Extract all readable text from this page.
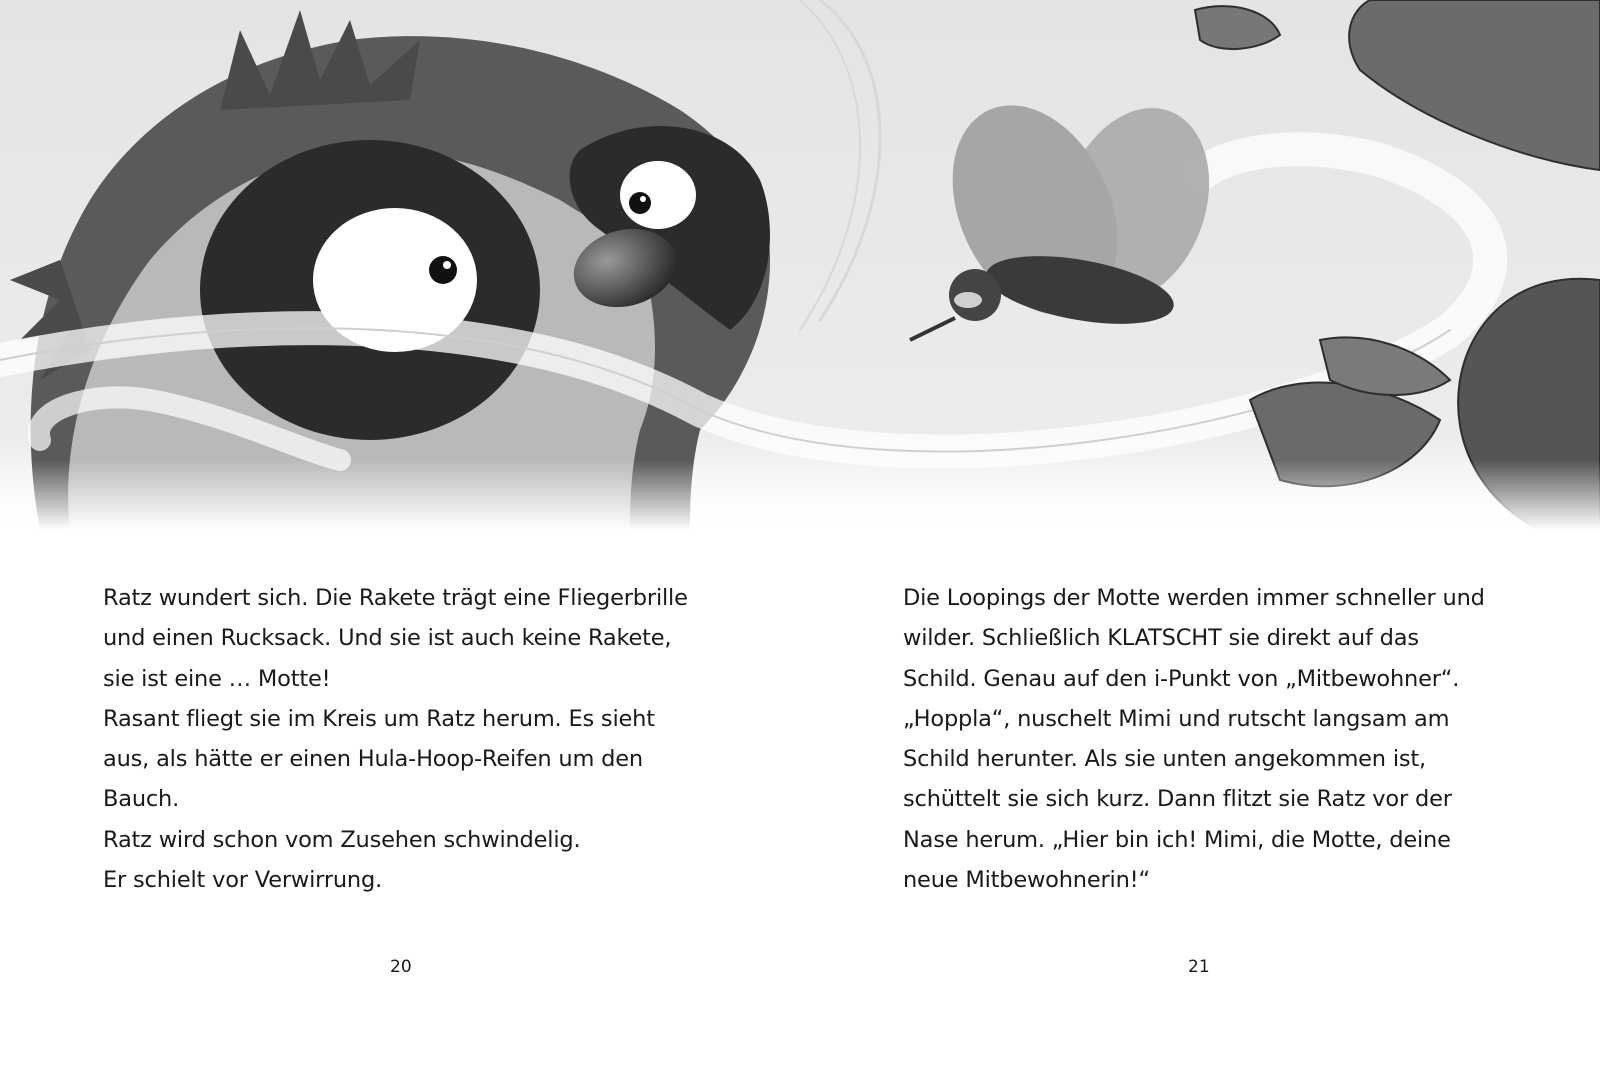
Ratz wundert sich. Die Rakete trägt eine Fliegerbrille
und einen Rucksack. Und sie ist auch keine Rakete,
sie ist eine … Motte!
Rasant fliegt sie im Kreis um Ratz herum. Es sieht
aus, als hätte er einen Hula-Hoop-Reifen um den
Bauch.
Ratz wird schon vom Zusehen schwindelig.
Er schielt vor Verwirrung.
Die Loopings der Motte werden immer schneller und
wilder. Schließlich KLATSCHT sie direkt auf das
Schild. Genau auf den i-Punkt von „Mitbewohner“.
„Hoppla“, nuschelt Mimi und rutscht langsam am
Schild herunter. Als sie unten angekommen ist,
schüttelt sie sich kurz. Dann flitzt sie Ratz vor der
Nase herum. „Hier bin ich! Mimi, die Motte, deine
neue Mitbewohnerin!“
20	21
